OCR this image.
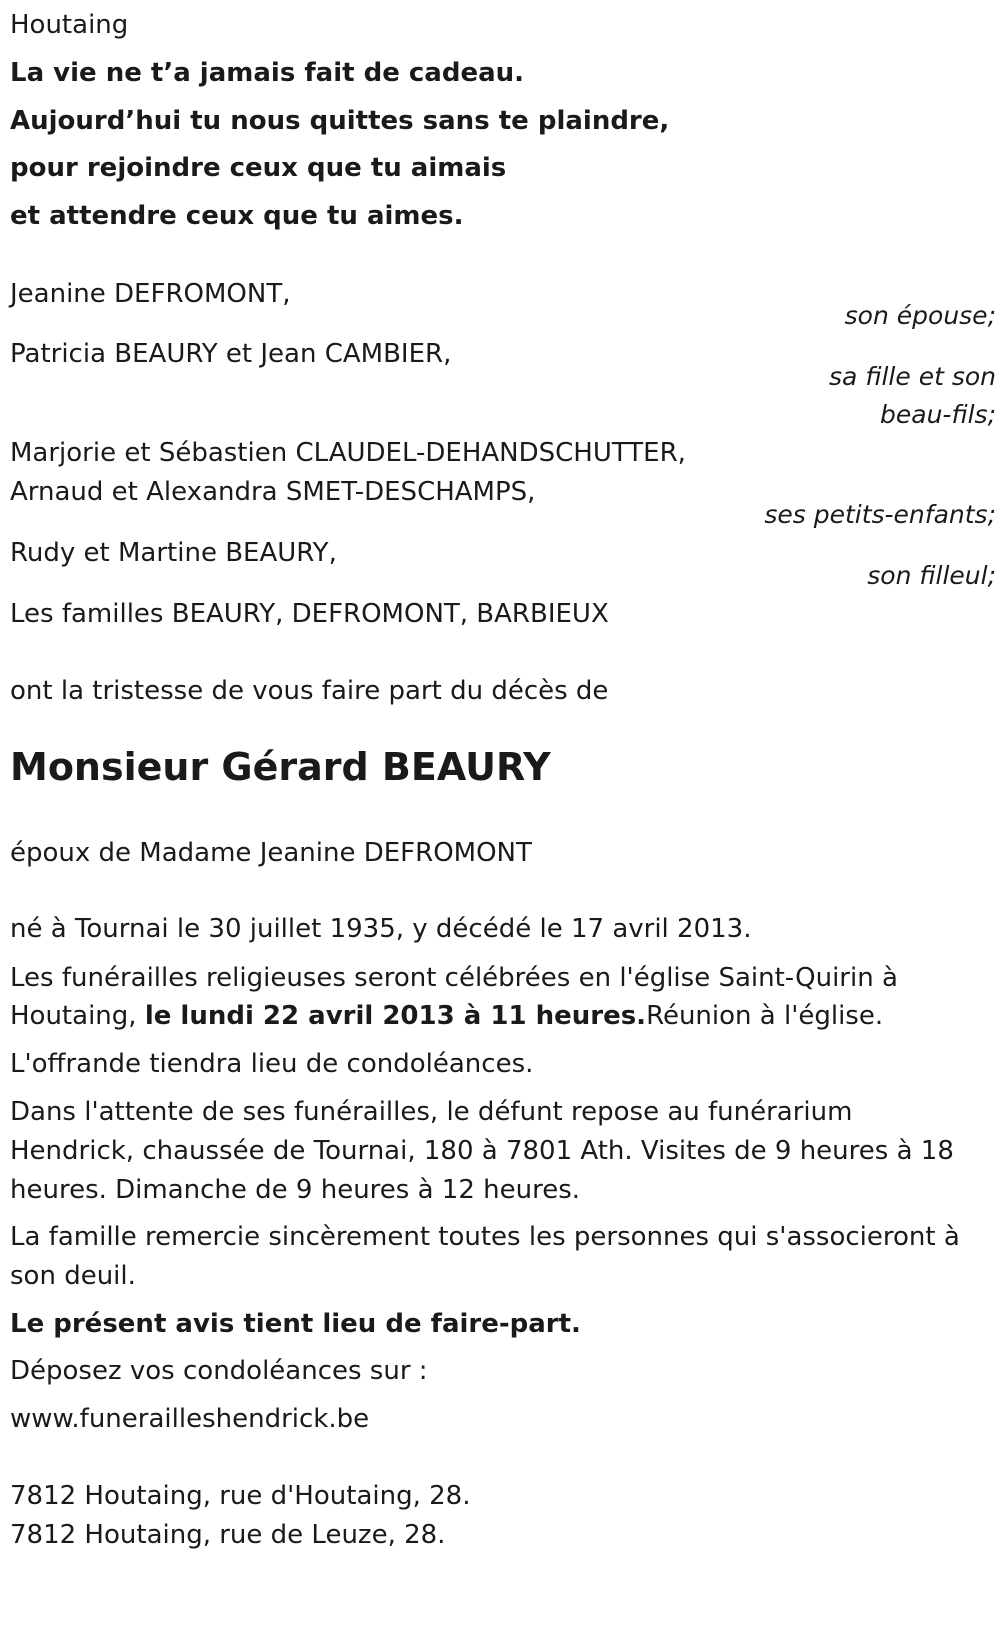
Houtaing
La vie ne t’a jamais fait de cadeau.
Aujourd’hui tu nous quittes sans te plaindre,
pour rejoindre ceux que tu aimais
et attendre ceux que tu aimes.
Jeanine DEFROMONT,
son épouse;
Patricia BEAURY et Jean CAMBIER,
sa fille et son
beau-fils;
Marjorie et Sébastien CLAUDEL-DEHANDSCHUTTER,
Arnaud et Alexandra SMET-DESCHAMPS,
ses petits-enfants;
Rudy et Martine BEAURY,
son filleul;
Les familles BEAURY, DEFROMONT, BARBIEUX
ont la tristesse de vous faire part du décès de
Monsieur Gérard BEAURY
époux de Madame Jeanine DEFROMONT
né à Tournai le 30 juillet 1935, y décédé le 17 avril 2013.
Les funérailles religieuses seront célébrées en l'église Saint-Quirin à
Houtaing, le lundi 22 avril 2013 à 11 heures.Réunion à l'église.
L'offrande tiendra lieu de condoléances.
Dans l'attente de ses funérailles, le défunt repose au funérarium
Hendrick, chaussée de Tournai, 180 à 7801 Ath. Visites de 9 heures à 18
heures. Dimanche de 9 heures à 12 heures.
La famille remercie sincèrement toutes les personnes qui s'associeront à
son deuil.
Le présent avis tient lieu de faire-part.
Déposez vos condoléances sur :
www.funerailleshendrick.be
7812 Houtaing, rue d'Houtaing, 28.
7812 Houtaing, rue de Leuze, 28.
